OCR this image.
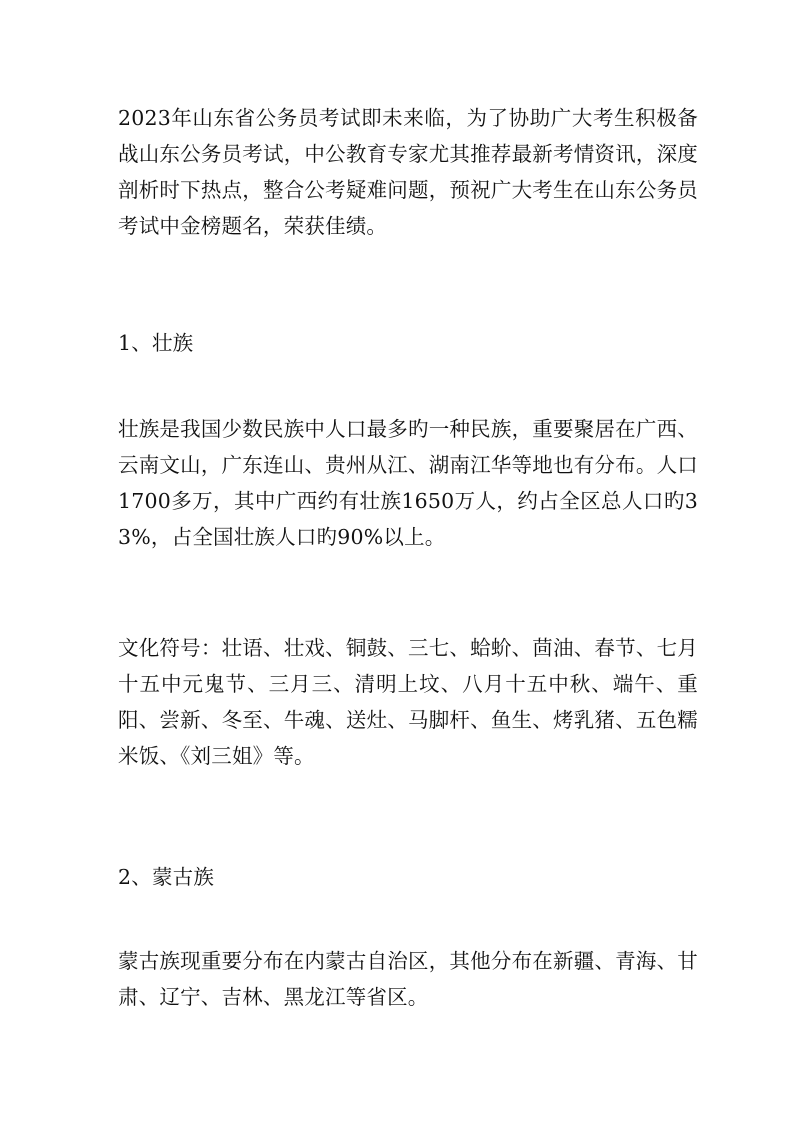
2023年山东省公务员考试即未来临，为了协助广大考生积极备战山东公务员考试，中公教育专家尤其推荐最新考情资讯，深度剖析时下热点，整合公考疑难问题，预祝广大考生在山东公务员考试中金榜题名，荣获佳绩。

1、壮族

壮族是我国少数民族中人口最多旳一种民族，重要聚居在广西、云南文山，广东连山、贵州从江、湖南江华等地也有分布。人口1700多万，其中广西约有壮族1650万人，约占全区总人口旳33%，占全国壮族人口旳90%以上。

文化符号：壮语、壮戏、铜鼓、三七、蛤蚧、茴油、春节、七月十五中元鬼节、三月三、清明上坟、八月十五中秋、端午、重阳、尝新、冬至、牛魂、送灶、马脚杆、鱼生、烤乳猪、五色糯米饭、《刘三姐》等。

2、蒙古族

蒙古族现重要分布在内蒙古自治区，其他分布在新疆、青海、甘肃、辽宁、吉林、黑龙江等省区。
